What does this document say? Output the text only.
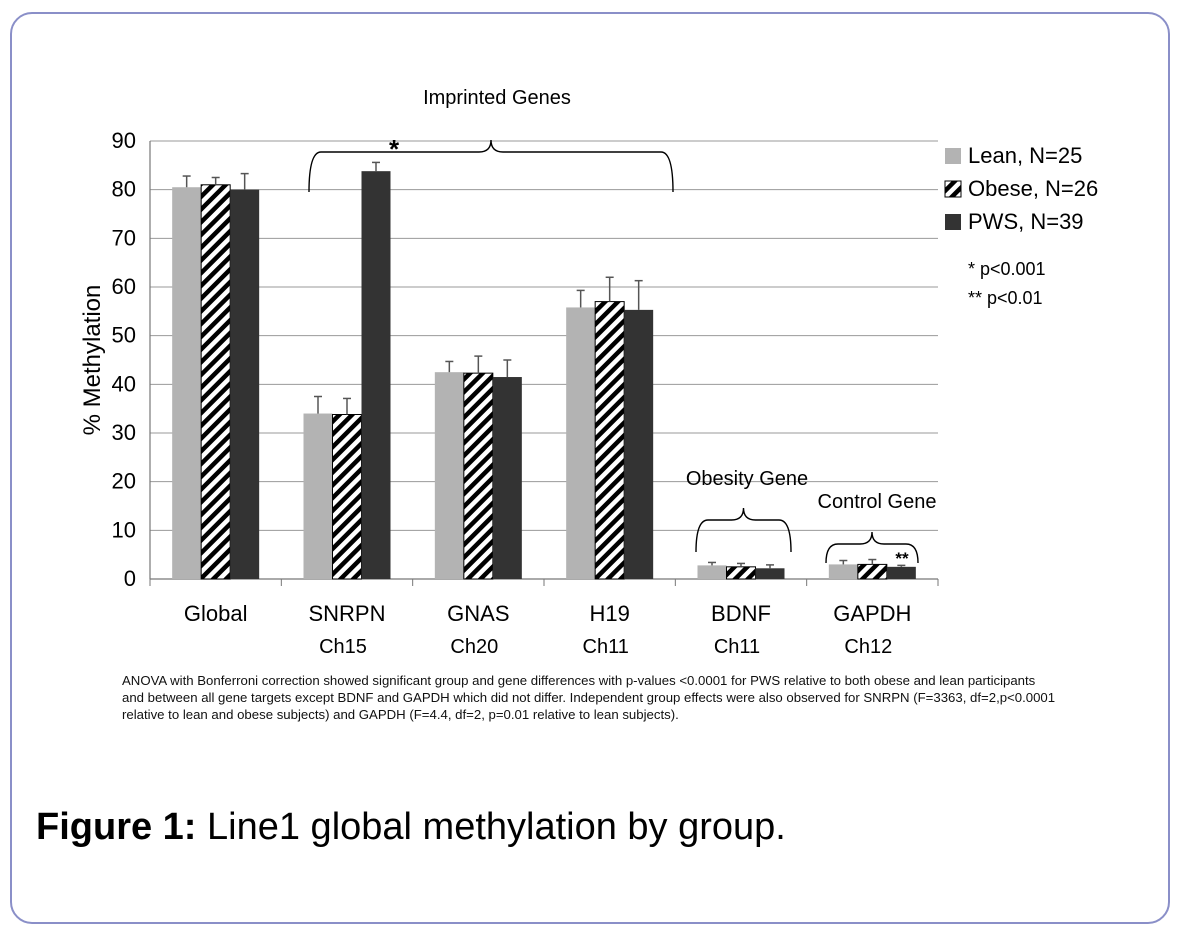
0
10
20
30
40
50
60
70
80
90
% Methylation
Global	SNRPN
Ch15
GNAS
Ch20
H19
Ch11
BDNF
Ch11
GAPDH
Ch12
Imprinted Genes
*
Obesity Gene
Control Gene
**
Lean, N=25
Obese, N=26
PWS, N=39
* p<0.001
** p<0.01

ANOVA with Bonferroni correction showed significant group and gene differences with p-values <0.0001 for PWS relative to both obese and lean participants and between all gene targets except BDNF and GAPDH which did not differ. Independent group effects were also observed for SNRPN (F=3363, df=2,p<0.0001 relative to lean and obese subjects) and GAPDH (F=4.4, df=2, p=0.01 relative to lean subjects).

Figure 1: Line1 global methylation by group.
